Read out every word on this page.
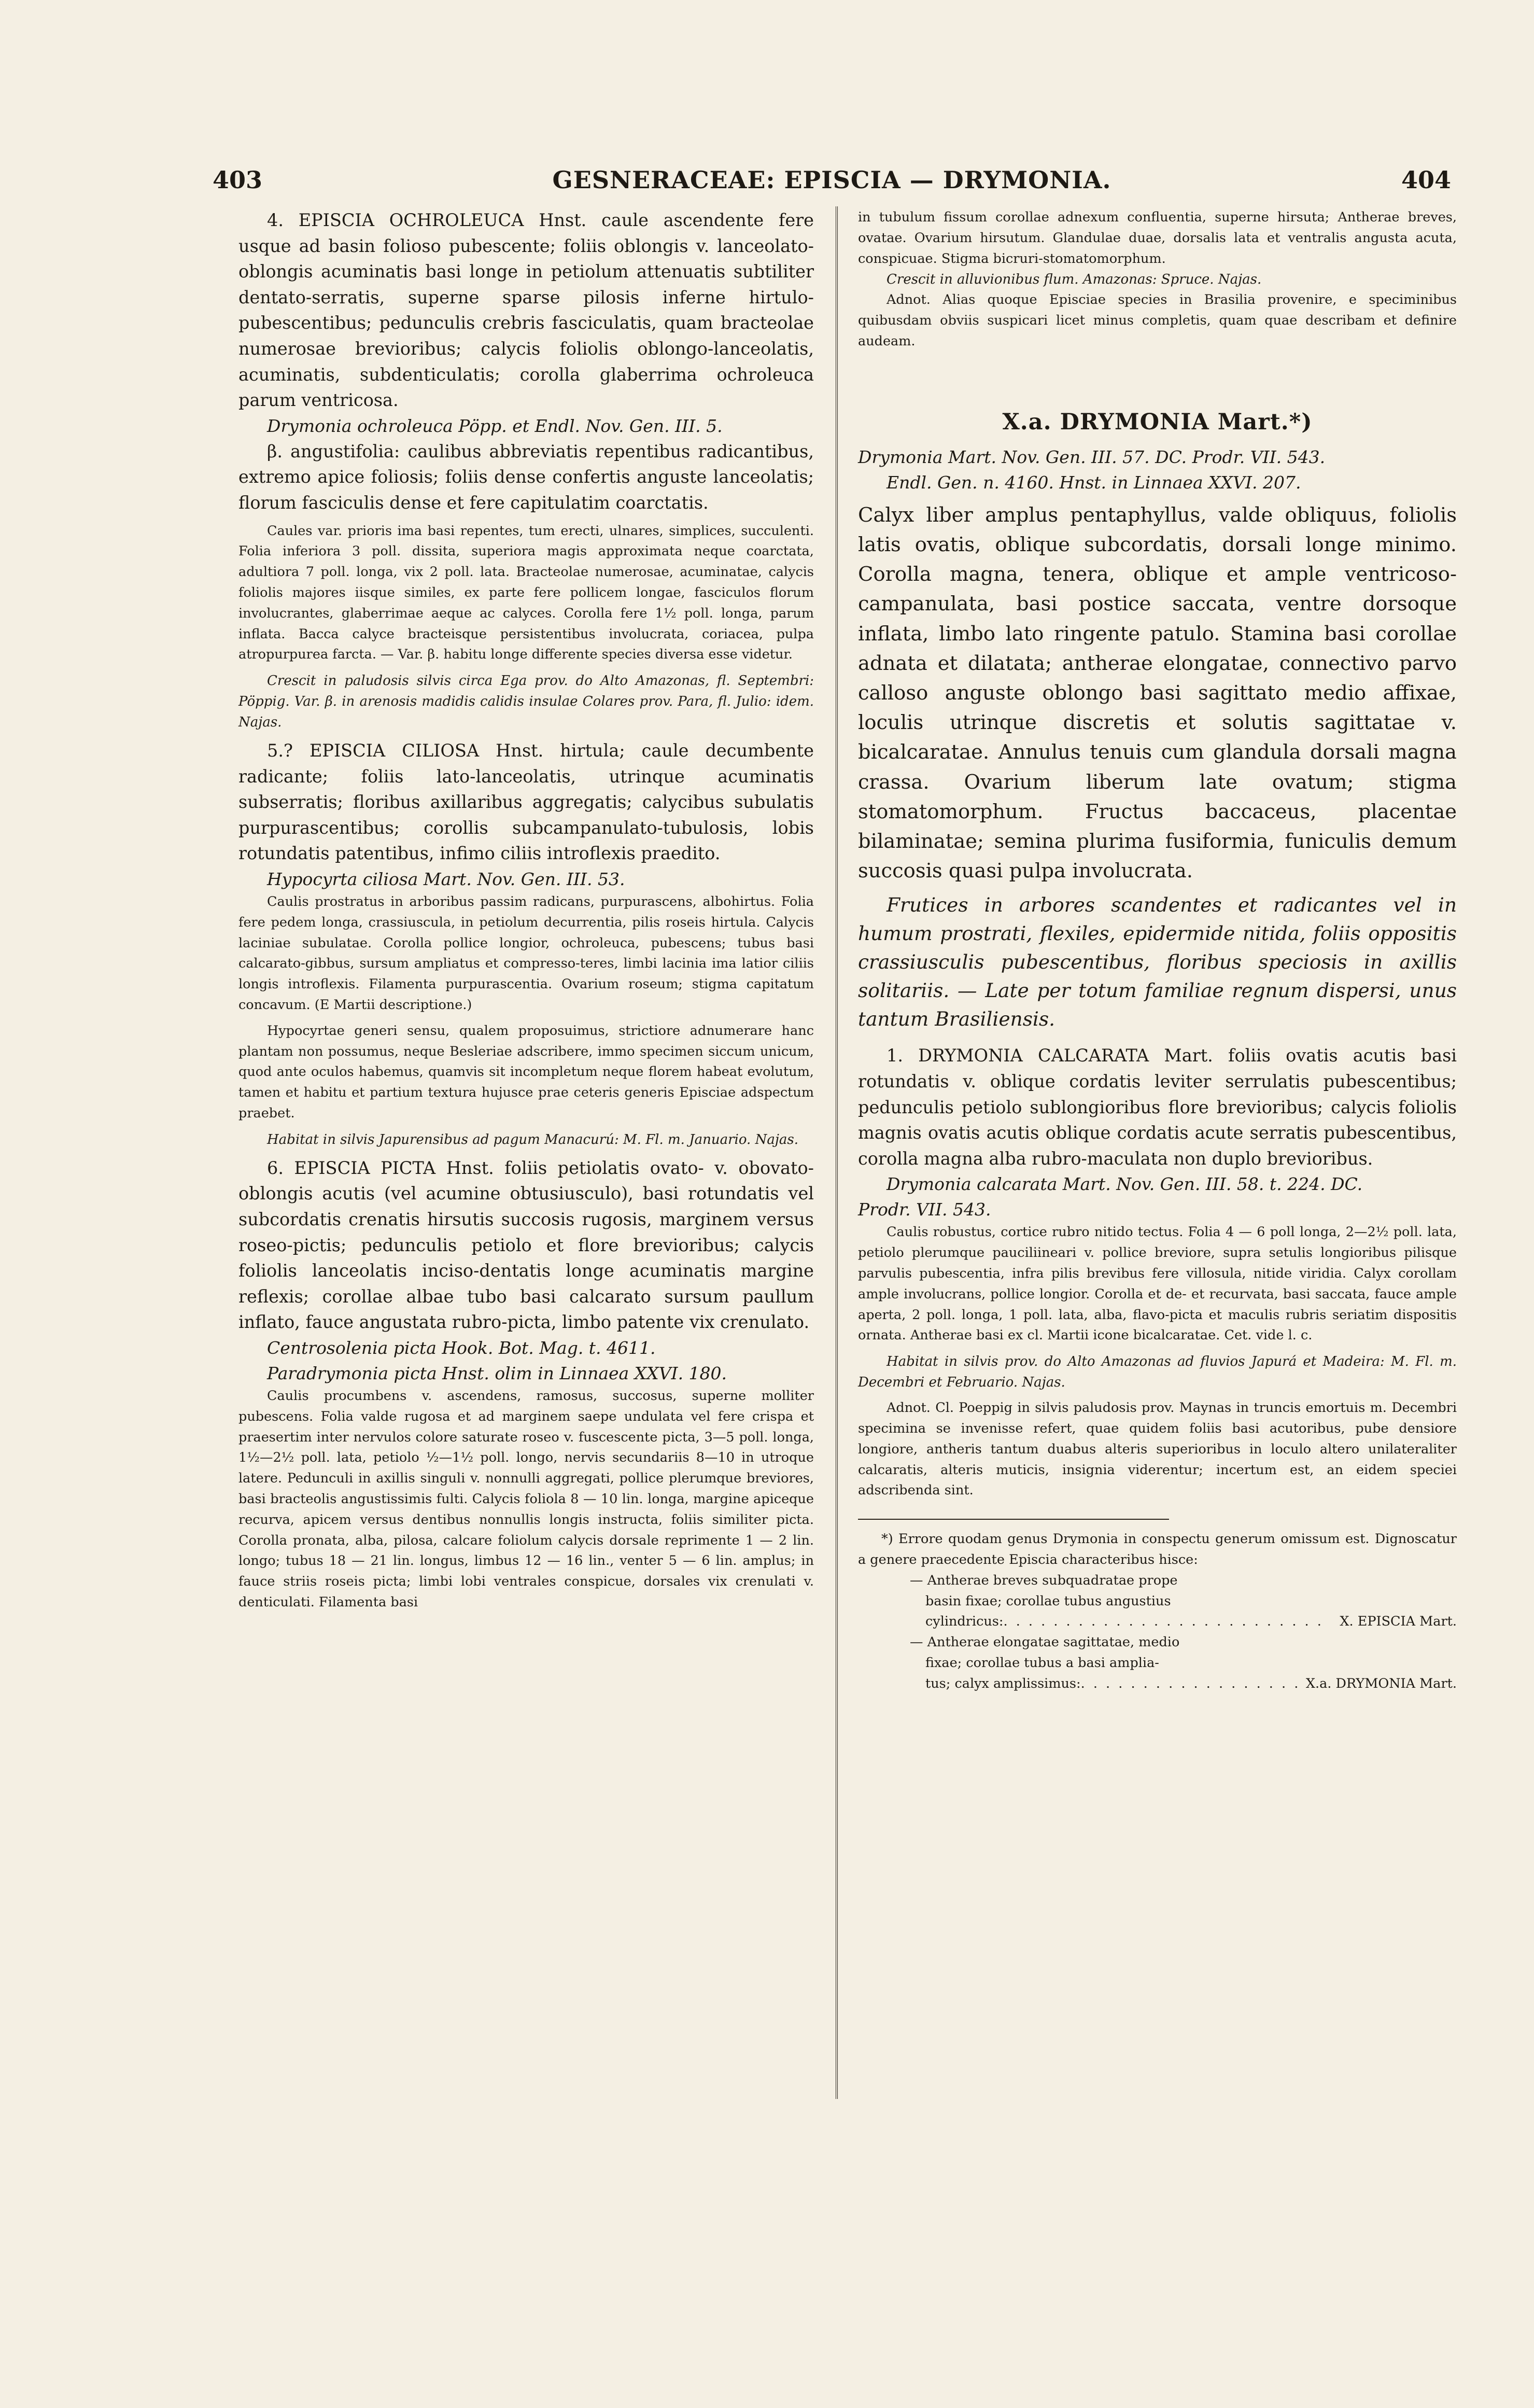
403	GESNERACEAE: EPISCIA — DRYMONIA.	404

4. EPISCIA OCHROLEUCA Hnst. caule ascendente fere usque ad basin folioso pubescente; foliis oblongis v. lanceolato-oblongis acuminatis basi longe in petiolum attenuatis subtiliter dentato-serratis, superne sparse pilosis inferne hirtulo-pubescentibus; pedunculis crebris fasciculatis, quam bracteolae numerosae brevioribus; calycis foliolis oblongo-lanceolatis, acuminatis, subdenticulatis; corolla glaberrima ochroleuca parum ventricosa.

Drymonia ochroleuca Pöpp. et Endl. Nov. Gen. III. 5.

β. angustifolia: caulibus abbreviatis repentibus radicantibus, extremo apice foliosis; foliis dense confertis anguste lanceolatis; florum fasciculis dense et fere capitulatim coarctatis.

Caules var. prioris ima basi repentes, tum erecti, ulnares, simplices, succulenti. Folia inferiora 3 poll. dissita, superiora magis approximata neque coarctata, adultiora 7 poll. longa, vix 2 poll. lata. Bracteolae numerosae, acuminatae, calycis foliolis majores iisque similes, ex parte fere pollicem longae, fasciculos florum involucrantes, glaberrimae aeque ac calyces. Corolla fere 1½ poll. longa, parum inflata. Bacca calyce bracteisque persistentibus involucrata, coriacea, pulpa atropurpurea farcta. — Var. β. habitu longe differente species diversa esse videtur.

Crescit in paludosis silvis circa Ega prov. do Alto Amazonas, fl. Septembri: Pöppig. Var. β. in arenosis madidis calidis insulae Colares prov. Para, fl. Julio: idem. Najas.

5.? EPISCIA CILIOSA Hnst. hirtula; caule decumbente radicante; foliis lato-lanceolatis, utrinque acuminatis subserratis; floribus axillaribus aggregatis; calycibus subulatis purpurascentibus; corollis subcampanulato-tubulosis, lobis rotundatis patentibus, infimo ciliis introflexis praedito.

Hypocyrta ciliosa Mart. Nov. Gen. III. 53.

Caulis prostratus in arboribus passim radicans, purpurascens, albohirtus. Folia fere pedem longa, crassiuscula, in petiolum decurrentia, pilis roseis hirtula. Calycis laciniae subulatae. Corolla pollice longior, ochroleuca, pubescens; tubus basi calcarato-gibbus, sursum ampliatus et compresso-teres, limbi lacinia ima latior ciliis longis introflexis. Filamenta purpurascentia. Ovarium roseum; stigma capitatum concavum. (E Martii descriptione.)

Hypocyrtae generi sensu, qualem proposuimus, strictiore adnumerare hanc plantam non possumus, neque Besleriae adscribere, immo specimen siccum unicum, quod ante oculos habemus, quamvis sit incompletum neque florem habeat evolutum, tamen et habitu et partium textura hujusce prae ceteris generis Episciae adspectum praebet.

Habitat in silvis Japurensibus ad pagum Manacurú: M. Fl. m. Januario. Najas.

6. EPISCIA PICTA Hnst. foliis petiolatis ovato- v. obovato-oblongis acutis (vel acumine obtusiusculo), basi rotundatis vel subcordatis crenatis hirsutis succosis rugosis, marginem versus roseo-pictis; pedunculis petiolo et flore brevioribus; calycis foliolis lanceolatis inciso-dentatis longe acuminatis margine reflexis; corollae albae tubo basi calcarato sursum paullum inflato, fauce angustata rubro-picta, limbo patente vix crenulato.

Centrosolenia picta Hook. Bot. Mag. t. 4611.

Paradrymonia picta Hnst. olim in Linnaea XXVI. 180.

Caulis procumbens v. ascendens, ramosus, succosus, superne molliter pubescens. Folia valde rugosa et ad marginem saepe undulata vel fere crispa et praesertim inter nervulos colore saturate roseo v. fuscescente picta, 3—5 poll. longa, 1½—2½ poll. lata, petiolo ½—1½ poll. longo, nervis secundariis 8—10 in utroque latere. Pedunculi in axillis singuli v. nonnulli aggregati, pollice plerumque breviores, basi bracteolis angustissimis fulti. Calycis foliola 8 — 10 lin. longa, margine apiceque recurva, apicem versus dentibus nonnullis longis instructa, foliis similiter picta. Corolla pronata, alba, pilosa, calcare foliolum calycis dorsale reprimente 1 — 2 lin. longo; tubus 18 — 21 lin. longus, limbus 12 — 16 lin., venter 5 — 6 lin. amplus; in fauce striis roseis picta; limbi lobi ventrales conspicue, dorsales vix crenulati v. denticulati. Filamenta basi

in tubulum fissum corollae adnexum confluentia, superne hirsuta; Antherae breves, ovatae. Ovarium hirsutum. Glandulae duae, dorsalis lata et ventralis angusta acuta, conspicuae. Stigma bicruri-stomatomorphum.

Crescit in alluvionibus flum. Amazonas: Spruce. Najas.

Adnot. Alias quoque Episciae species in Brasilia provenire, e speciminibus quibusdam obviis suspicari licet minus completis, quam quae describam et definire audeam.

X.a. DRYMONIA Mart.*)

Drymonia Mart. Nov. Gen. III. 57. DC. Prodr. VII. 543.

Endl. Gen. n. 4160. Hnst. in Linnaea XXVI. 207.

Calyx liber amplus pentaphyllus, valde obliquus, foliolis latis ovatis, oblique subcordatis, dorsali longe minimo. Corolla magna, tenera, oblique et ample ventricoso-campanulata, basi postice saccata, ventre dorsoque inflata, limbo lato ringente patulo. Stamina basi corollae adnata et dilatata; antherae elongatae, connectivo parvo calloso anguste oblongo basi sagittato medio affixae, loculis utrinque discretis et solutis sagittatae v. bicalcaratae. Annulus tenuis cum glandula dorsali magna crassa. Ovarium liberum late ovatum; stigma stomatomorphum. Fructus baccaceus, placentae bilaminatae; semina plurima fusiformia, funiculis demum succosis quasi pulpa involucrata.

Frutices in arbores scandentes et radicantes vel in humum prostrati, flexiles, epidermide nitida, foliis oppositis crassiusculis pubescentibus, floribus speciosis in axillis solitariis. — Late per totum familiae regnum dispersi, unus tantum Brasiliensis.

1. DRYMONIA CALCARATA Mart. foliis ovatis acutis basi rotundatis v. oblique cordatis leviter serrulatis pubescentibus; pedunculis petiolo sublongioribus flore brevioribus; calycis foliolis magnis ovatis acutis oblique cordatis acute serratis pubescentibus, corolla magna alba rubro-maculata non duplo brevioribus.

Drymonia calcarata Mart. Nov. Gen. III. 58. t. 224. DC.

Prodr. VII. 543.

Caulis robustus, cortice rubro nitido tectus. Folia 4 — 6 poll longa, 2—2½ poll. lata, petiolo plerumque pauciliineari v. pollice breviore, supra setulis longioribus pilisque parvulis pubescentia, infra pilis brevibus fere villosula, nitide viridia. Calyx corollam ample involucrans, pollice longior. Corolla et de- et recurvata, basi saccata, fauce ample aperta, 2 poll. longa, 1 poll. lata, alba, flavo-picta et maculis rubris seriatim dispositis ornata. Antherae basi ex cl. Martii icone bicalcaratae. Cet. vide l. c.

Habitat in silvis prov. do Alto Amazonas ad fluvios Japurá et Madeira: M. Fl. m. Decembri et Februario. Najas.

Adnot. Cl. Poeppig in silvis paludosis prov. Maynas in truncis emortuis m. Decembri specimina se invenisse refert, quae quidem foliis basi acutoribus, pube densiore longiore, antheris tantum duabus alteris superioribus in loculo altero unilateraliter calcaratis, alteris muticis, insignia viderentur; incertum est, an eidem speciei adscribenda sint.

*) Errore quodam genus Drymonia in conspectu generum omissum est. Dignoscatur a genere praecedente Episcia characteribus hisce:

— Antherae breves subquadratae prope
basin fixae; corollae tubus angustius
cylindricus: . . .	X. EPISCIA Mart.
— Antherae elongatae sagittatae, medio
fixae; corollae tubus a basi amplia-
tus; calyx amplissimus: . . .	X.a. DRYMONIA Mart.
